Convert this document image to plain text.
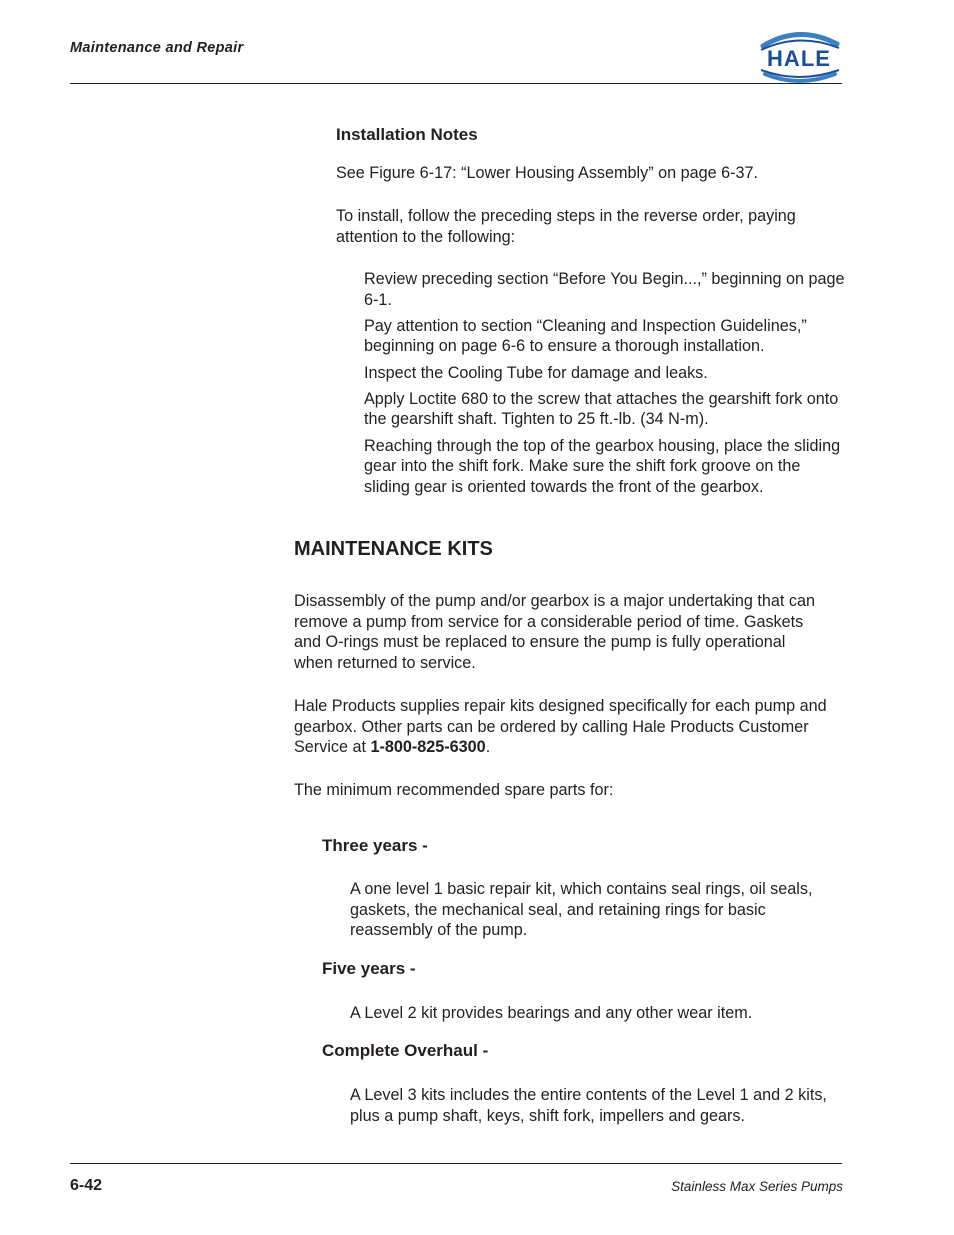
Maintenance and Repair	HALE
Installation Notes

See Figure 6-17: “Lower Housing Assembly” on page 6-37.

To install, follow the preceding steps in the reverse order, paying attention to the following:

Review preceding section “Before You Begin...,” beginning on page 6-1.
Pay attention to section “Cleaning and Inspection Guidelines,” beginning on page 6-6 to ensure a thorough installation.
Inspect the Cooling Tube for damage and leaks.
Apply Loctite 680 to the screw that attaches the gearshift fork onto the gearshift shaft. Tighten to 25 ft.-lb. (34 N-m).
Reaching through the top of the gearbox housing, place the sliding gear into the shift fork. Make sure the shift fork groove on the sliding gear is oriented towards the front of the gearbox.
MAINTENANCE KITS

Disassembly of the pump and/or gearbox is a major undertaking that can remove a pump from service for a considerable period of time. Gaskets and O-rings must be replaced to ensure the pump is fully operational when returned to service.

Hale Products supplies repair kits designed specifically for each pump and gearbox. Other parts can be ordered by calling Hale Products Customer Service at 1-800-825-6300.

The minimum recommended spare parts for:

Three years -

A one level 1 basic repair kit, which contains seal rings, oil seals, gaskets, the mechanical seal, and retaining rings for basic reassembly of the pump.

Five years -

A Level 2 kit provides bearings and any other wear item.

Complete Overhaul -

A Level 3 kits includes the entire contents of the Level 1 and 2 kits, plus a pump shaft, keys, shift fork, impellers and gears.

6-42	Stainless Max Series Pumps
